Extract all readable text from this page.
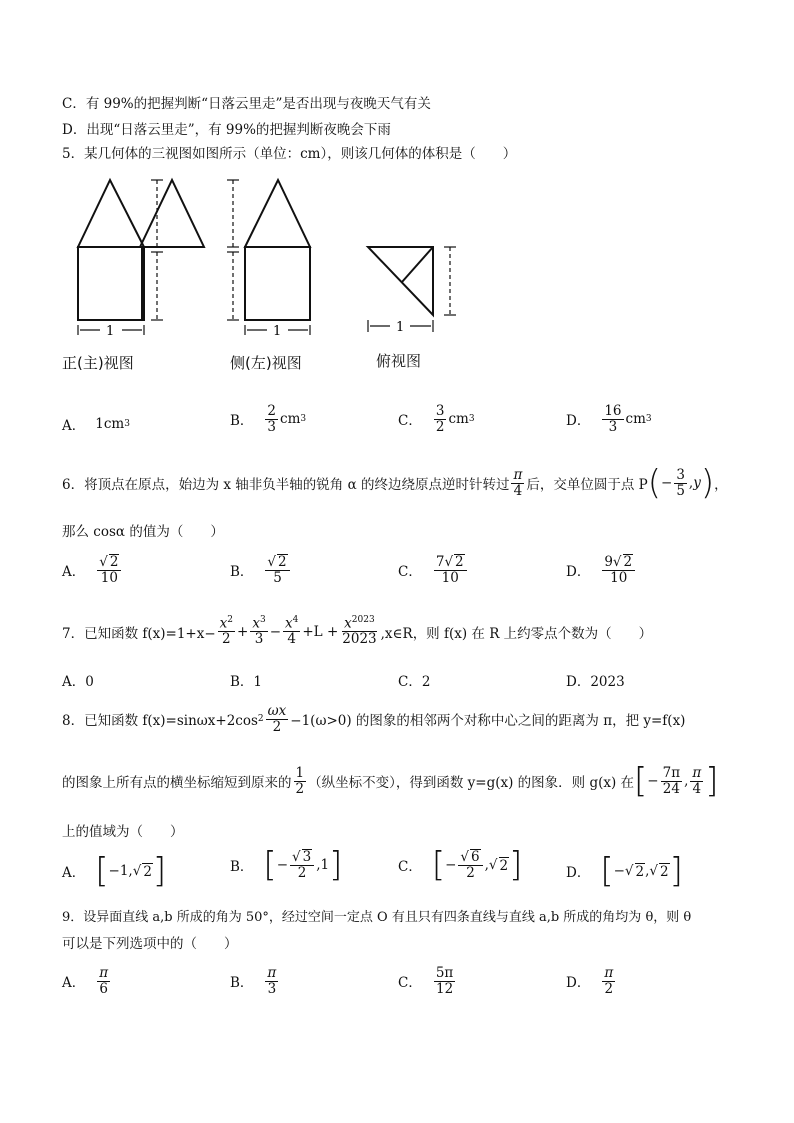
C．有 99%的把握判断“日落云里走”是否出现与夜晚天气有关
D．出现“日落云里走”，有 99%的把握判断夜晚会下雨
5．某几何体的三视图如图所示（单位：cm），则该几何体的体积是（　　）
1	1	1
正(主)视图	侧(左)视图	俯视图
A． 1cm 3	B． $\frac{2}{3}$ cm 3	C． $\frac{3}{2}$ cm 3	D． $\frac{16}{3}$ cm 3
6．将顶点在原点，始边为 x 轴非负半轴的锐角 α 的终边绕原点逆时针转过 $\frac{\pi}{4}$ 后，交单位圆于点 P ( − $\frac{3}{5}$ , y ) ，
那么 cosα 的值为（　　）
A． √ $\frac{2}{10}$	B． √ $\frac{2}{5}$	C． $\frac{7 √ 2}{10}$	D． $\frac{9 √ 2}{10}$
7．已知函数 $f(x)=1+x- \frac{x^2}{2} + \frac{x^3}{3} - \frac{x^4}{4} +L + \frac{x^{2023}}{2023}$ ,x∈R，则 f(x) 在 R 上约零点个数为（　　）
A．0	B．1	C．2	D．2023
8．已知函数 f(x)=sinωx+2cos $2 \frac{\omega x}{2} -1(\omega>0)$ 的图象的相邻两个对称中心之间的距离为 π，把 y=f(x)
的图象上所有点的横坐标缩短到原来的 $\frac{1}{2}$ （纵坐标不变），得到函数 y=g(x) 的图象．则 g(x) 在 [ − $\frac{7\pi}{24}$ , $\frac{\pi}{4}$ ]
上的值域为（　　）
A． [ −1, √ 2 ]	B． [ − √ $\frac{3}{2} ,1$ ]	C． [ − √ $\frac{6}{2}$ , √ 2 ]	D． [ − √ 2 , √ 2 ]
9．设异面直线 a,b 所成的角为 50°，经过空间一定点 O 有且只有四条直线与直线 a,b 所成的角均为 θ，则 θ
可以是下列选项中的（　　）
A． $\frac{\pi}{6}$	B． $\frac{\pi}{3}$	C． $\frac{5\pi}{12}$	D． $\frac{\pi}{2}$
